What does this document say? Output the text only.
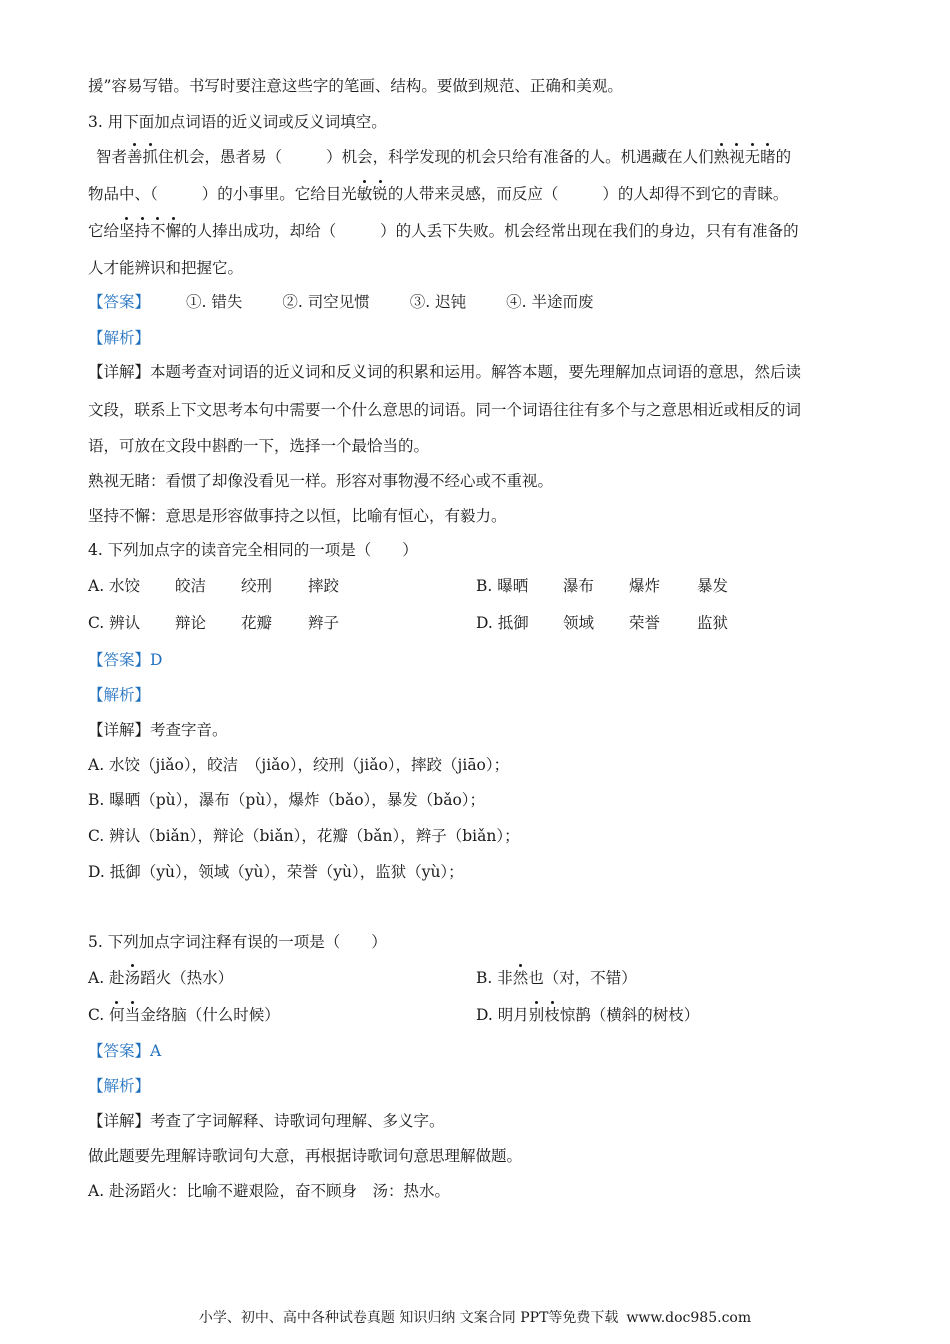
援”容易写错。书写时要注意这些字的笔画、结构。要做到规范、正确和美观。
3. 用下面加点词语的近义词或反义词填空。
智者善抓住机会，愚者易（	）机会，科学发现的机会只给有准备的人。机遇藏在人们熟视无睹的
物品中、（	）的小事里。它给目光敏锐的人带来灵感，而反应（	）的人却得不到它的青睐。
它给坚持不懈的人捧出成功，却给（	）的人丢下失败。机会经常出现在我们的身边，只有有准备的
人才能辨识和把握它。
【答案】 ①. 错失	②. 司空见惯	③. 迟钝	④. 半途而废
【解析】
【详解】本题考查对词语的近义词和反义词的积累和运用。解答本题，要先理解加点词语的意思，然后读
文段，联系上下文思考本句中需要一个什么意思的词语。同一个词语往往有多个与之意思相近或相反的词
语，可放在文段中斟酌一下，选择一个最恰当的。
熟视无睹：看惯了却像没看见一样。形容对事物漫不经心或不重视。
坚持不懈：意思是形容做事持之以恒，比喻有恒心，有毅力。
4. 下列加点字的读音完全相同的一项是（　　）
A. 水饺 皎洁 绞刑 摔跤	B. 曝晒 瀑布 爆炸 暴发
C. 辨认 辩论 花瓣 辫子	D. 抵御 领域 荣誉 监狱
【答案】D
【解析】
【详解】考查字音。
A. 水饺（jiǎo），皎洁　（jiǎo），绞刑（jiǎo），摔跤（jiāo）；
B. 曝晒（pù），瀑布（pù），爆炸（bǎo），暴发（bǎo）；
C. 辨认（biǎn），辩论（biǎn），花瓣（bǎn），辫子（biǎn）；
D. 抵御（yù），领域（yù），荣誉（yù），监狱（yù）；
5. 下列加点字词注释有误的一项是（　　）
A. 赴汤蹈火（热水）	B. 非然也（对，不错）
C. 何当金络脑（什么时候）	D. 明月别枝惊鹊（横斜的树枝）
【答案】A
【解析】
【详解】考查了字词解释、诗歌词句理解、多义字。
做此题要先理解诗歌词句大意，再根据诗歌词句意思理解做题。
A. 赴汤蹈火：比喻不避艰险，奋不顾身　汤：热水。
小学、初中、高中各种试卷真题 知识归纳 文案合同 PPT等免费下载 www.doc985.com
